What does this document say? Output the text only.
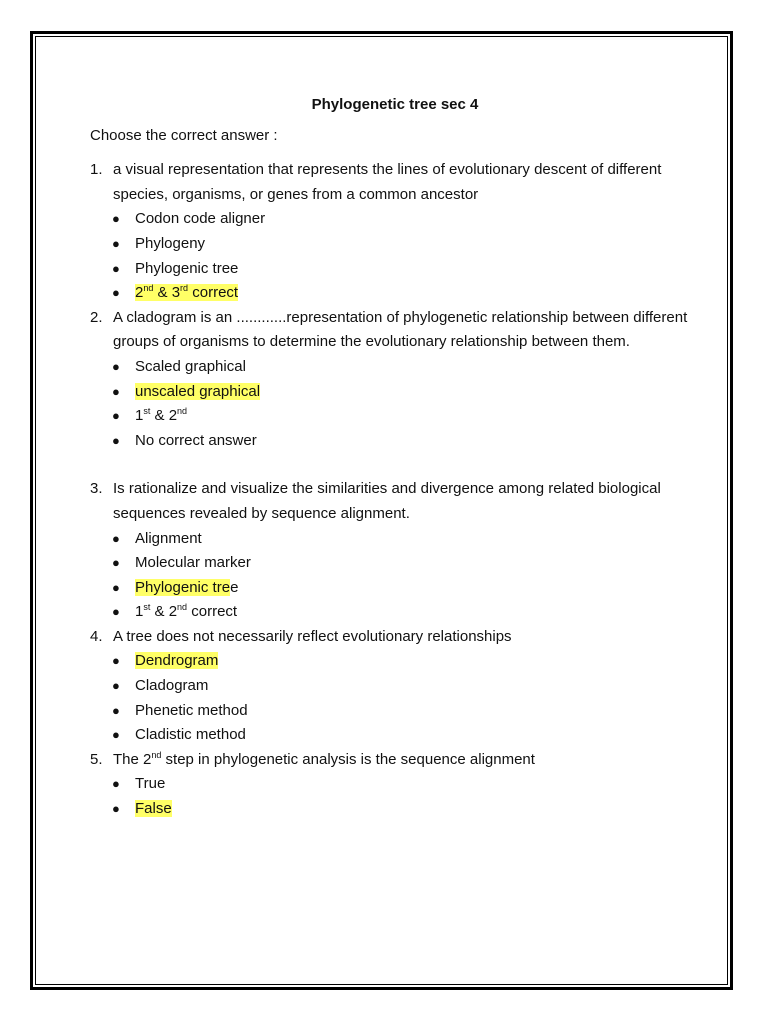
Phylogenetic tree sec 4
Choose the correct answer :
1. a visual representation that represents the lines of evolutionary descent of different species, organisms, or genes from a common ancestor
● Codon code aligner
● Phylogeny
● Phylogenic tree
● 2nd & 3rd correct
2. A cladogram is an ............representation of phylogenetic relationship between different groups of organisms to determine the evolutionary relationship between them.
● Scaled graphical
● unscaled graphical
● 1st & 2nd
● No correct answer
3. Is rationalize and visualize the similarities and divergence among related biological sequences revealed by sequence alignment.
● Alignment
● Molecular marker
● Phylogenic tree
● 1st & 2nd correct
4. A tree does not necessarily reflect evolutionary relationships
● Dendrogram
● Cladogram
● Phenetic method
● Cladistic method
5. The 2nd step in phylogenetic analysis is the sequence alignment
● True
● False
